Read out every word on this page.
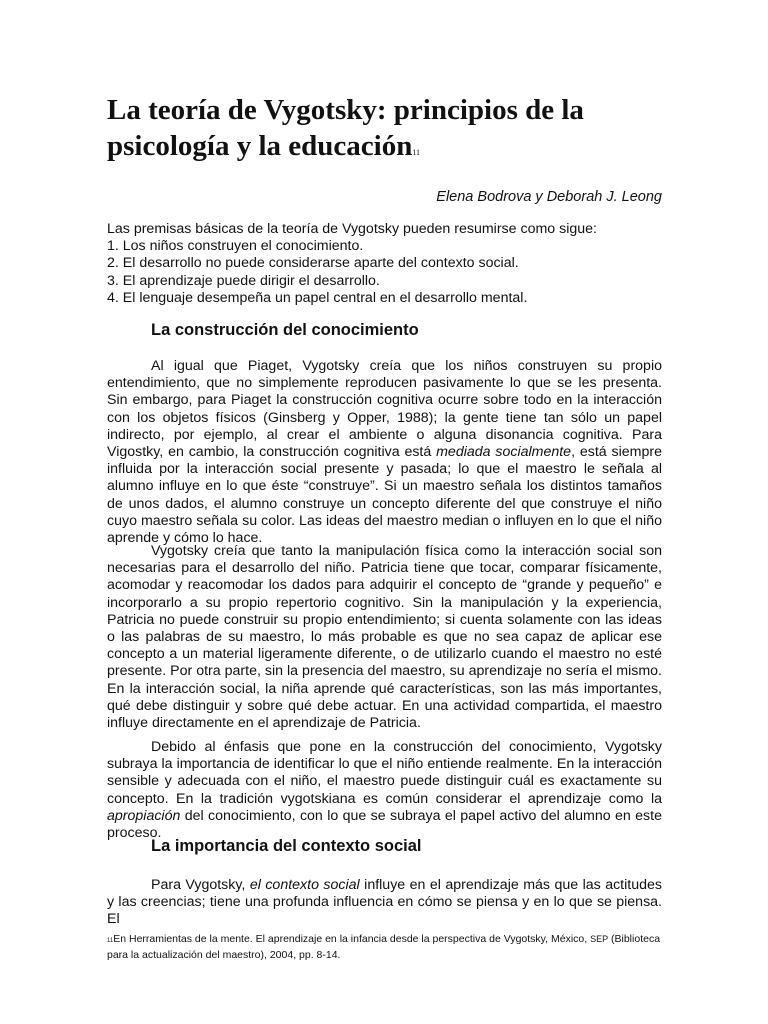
La teoría de Vygotsky: principios de la psicología y la educación11
Elena Bodrova y Deborah J. Leong
Las premisas básicas de la teoría de Vygotsky pueden resumirse como sigue:
1. Los niños construyen el conocimiento.
2. El desarrollo no puede considerarse aparte del contexto social.
3. El aprendizaje puede dirigir el desarrollo.
4. El lenguaje desempeña un papel central en el desarrollo mental.
La construcción del conocimiento

Al igual que Piaget, Vygotsky creía que los niños construyen su propio entendimiento, que no simplemente reproducen pasivamente lo que se les presenta. Sin embargo, para Piaget la construcción cognitiva ocurre sobre todo en la interacción con los objetos físicos (Ginsberg y Opper, 1988); la gente tiene tan sólo un papel indirecto, por ejemplo, al crear el ambiente o alguna disonancia cognitiva. Para Vigostky, en cambio, la construcción cognitiva está mediada socialmente, está siempre influida por la interacción social presente y pasada; lo que el maestro le señala al alumno influye en lo que éste “construye”. Si un maestro señala los distintos tamaños de unos dados, el alumno construye un concepto diferente del que construye el niño cuyo maestro señala su color. Las ideas del maestro median o influyen en lo que el niño aprende y cómo lo hace.

Vygotsky creía que tanto la manipulación física como la interacción social son necesarias para el desarrollo del niño. Patricia tiene que tocar, comparar físicamente, acomodar y reacomodar los dados para adquirir el concepto de “grande y pequeño” e incorporarlo a su propio repertorio cognitivo. Sin la manipulación y la experiencia, Patricia no puede construir su propio entendimiento; si cuenta solamente con las ideas o las palabras de su maestro, lo más probable es que no sea capaz de aplicar ese concepto a un material ligeramente diferente, o de utilizarlo cuando el maestro no esté presente. Por otra parte, sin la presencia del maestro, su aprendizaje no sería el mismo. En la interacción social, la niña aprende qué características, son las más importantes, qué debe distinguir y sobre qué debe actuar. En una actividad compartida, el maestro influye directamente en el aprendizaje de Patricia.

Debido al énfasis que pone en la construcción del conocimiento, Vygotsky subraya la importancia de identificar lo que el niño entiende realmente. En la interacción sensible y adecuada con el niño, el maestro puede distinguir cuál es exactamente su concepto. En la tradición vygotskiana es común considerar el aprendizaje como la apropiación del conocimiento, con lo que se subraya el papel activo del alumno en este proceso.

La importancia del contexto social

Para Vygotsky, el contexto social influye en el aprendizaje más que las actitudes y las creencias; tiene una profunda influencia en cómo se piensa y en lo que se piensa. El

11En Herramientas de la mente. El aprendizaje en la infancia desde la perspectiva de Vygotsky, México, SEP (Biblioteca para la actualización del maestro), 2004, pp. 8-14.
